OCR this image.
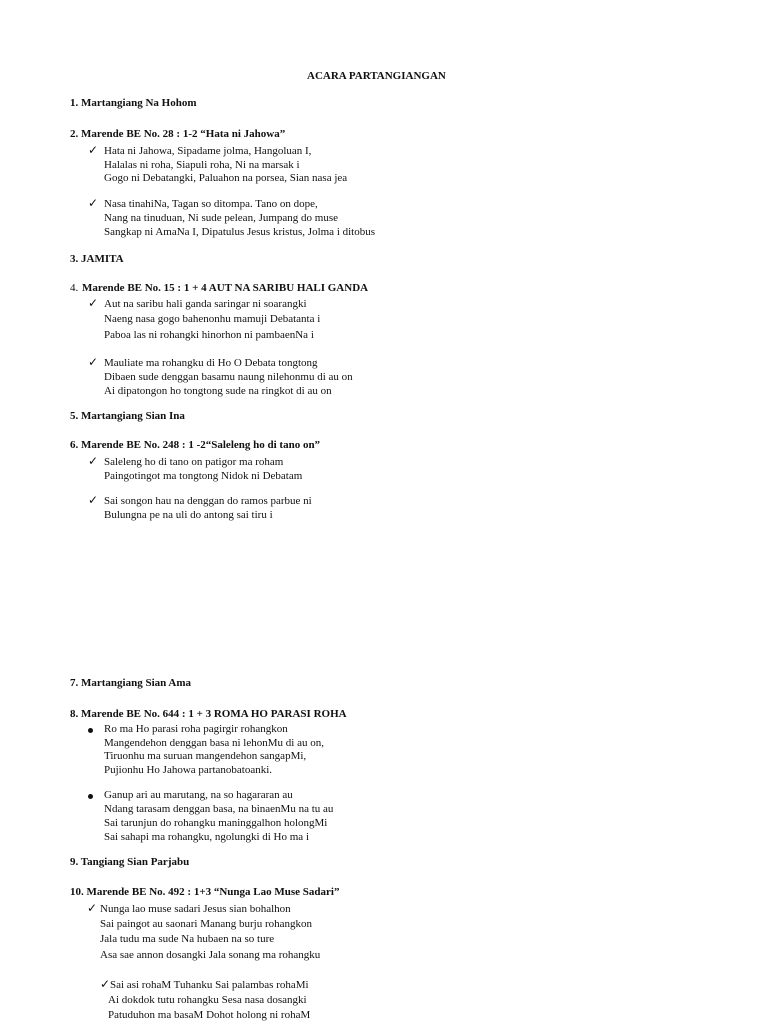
ACARA PARTANGIANGAN
1. Martangiang Na Hohom
2. Marende BE No. 28 : 1-2 “Hata ni Jahowa”
✓ Hata ni Jahowa, Sipadame jolma, Hangoluan I,
Halalas ni roha, Siapuli roha, Ni na marsak i
Gogo ni Debatangki, Paluahon na porsea, Sian nasa jea
✓ Nasa tinahiNa, Tagan so ditompa. Tano on dope,
Nang na tinuduan, Ni sude pelean, Jumpang do muse
Sangkap ni AmaNa I, Dipatulus Jesus kristus, Jolma i ditobus
3. JAMITA
4. Marende BE No. 15 : 1 + 4 AUT NA SARIBU HALI GANDA
✓ Aut na saribu hali ganda saringar ni soarangki
Naeng nasa gogo bahenonhu mamuji Debatanta i
Paboa las ni rohangki hinorhon ni pambaenNa i
✓ Mauliate ma rohangku di Ho O Debata tongtong
Dibaen sude denggan basamu naung nilehonmu di au on
Ai dipatongon ho tongtong sude na ringkot di au on
5. Martangiang Sian Ina
6. Marende BE No. 248 : 1 -2“Saleleng ho di tano on”
✓ Saleleng ho di tano on patigor ma roham
Paingotingot ma tongtong Nidok ni Debatam
✓ Sai songon hau na denggan do ramos parbue ni
Bulungna pe na uli do antong sai tiru i
7. Martangiang Sian Ama
8. Marende BE No. 644 : 1 + 3 ROMA HO PARASI ROHA
Ro ma Ho parasi roha pagirgir rohangkon
Mangendehon denggan basa ni lehonMu di au on,
Tiruonhu ma suruan mangendehon sangapMi,
Pujionhu Ho Jahowa partanobatoanki.
Ganup ari au marutang, na so hagararan au
Ndang tarasam denggan basa, na binaenMu na tu au
Sai tarunjun do rohangku maninggalhon holongMi
Sai sahapi ma rohangku, ngolungki di Ho ma i
9. Tangiang Sian Parjabu
10. Marende BE No. 492 : 1+3 “Nunga Lao Muse Sadari”
✓ Nunga lao muse sadari Jesus sian bohalhon
Sai paingot au saonari Manang burju rohangkon
Jala tudu ma sude Na hubaen na so ture
Asa sae annon dosangki Jala sonang ma rohangku
✓ Sai asi rohaM Tuhanku Sai palambas rohaMi
Ai dokdok tutu rohangku Sesa nasa dosangki
Patuduhon ma basaM Dohot holong ni rohaM
